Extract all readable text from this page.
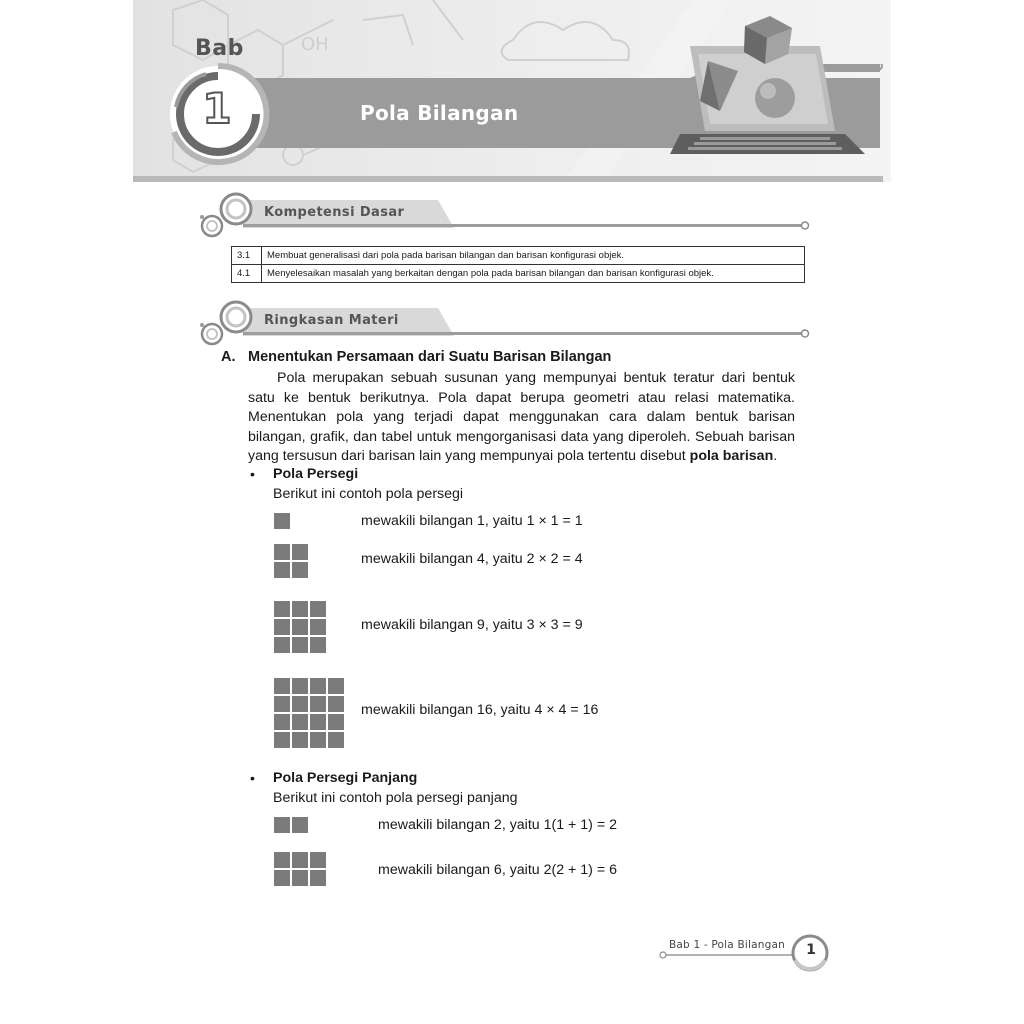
OH
Bab
1	Pola Bilangan
Kompetensi Dasar
3.1	Membuat generalisasi dari pola pada barisan bilangan dan barisan konfigurasi objek.
4.1	Menyelesaikan masalah yang berkaitan dengan pola pada barisan bilangan dan barisan konfigurasi objek.
Ringkasan Materi
A. Menentukan Persamaan dari Suatu Barisan Bilangan
Pola merupakan sebuah susunan yang mempunyai bentuk teratur dari bentuk satu ke bentuk berikutnya. Pola dapat berupa geometri atau relasi matematika. Menentukan pola yang terjadi dapat menggunakan cara dalam bentuk barisan bilangan, grafik, dan tabel untuk mengorganisasi data yang diperoleh. Sebuah barisan yang tersusun dari barisan lain yang mempunyai pola tertentu disebut pola barisan.
• Pola Persegi
Berikut ini contoh pola persegi
mewakili bilangan 1, yaitu 1 × 1 = 1
mewakili bilangan 4, yaitu 2 × 2 = 4
mewakili bilangan 9, yaitu 3 × 3 = 9
mewakili bilangan 16, yaitu 4 × 4 = 16
• Pola Persegi Panjang
Berikut ini contoh pola persegi panjang
mewakili bilangan 2, yaitu 1(1 + 1) = 2
mewakili bilangan 6, yaitu 2(2 + 1) = 6
Bab 1 - Pola Bilangan	1
